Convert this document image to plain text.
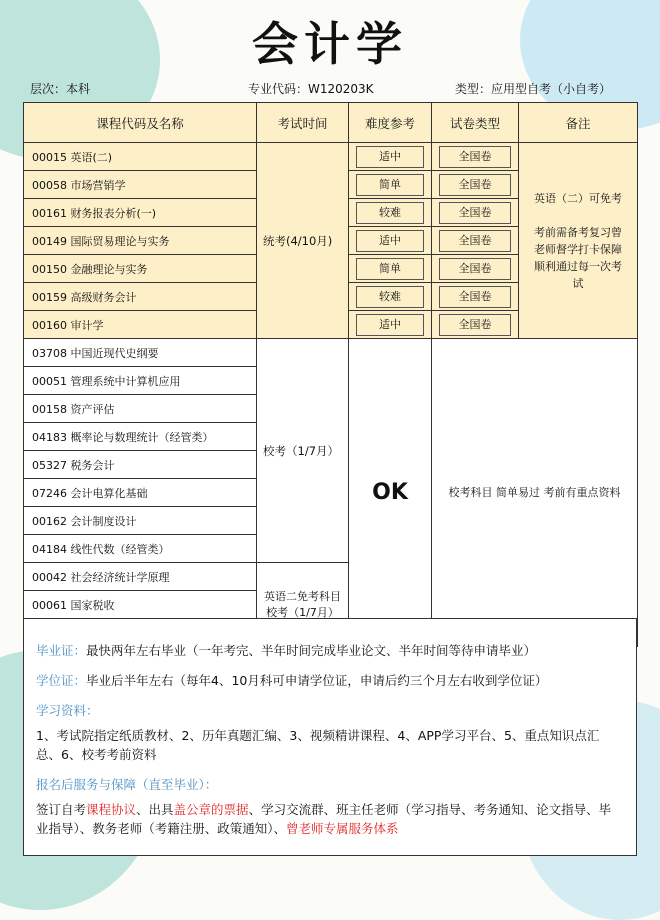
会计学
层次：本科	专业代码：W120203K	类型：应用型自考（小自考）
课程代码及名称	考试时间	难度参考	试卷类型	备注
00015 英语(二)	统考(4/10月)	适中	全国卷	英语（二）可免考
考前需备考复习曾老师督学打卡保障顺利通过每一次考试

00058 市场营销学		简单	全国卷	

00161 财务报表分析(一)		较难	全国卷	

00149 国际贸易理论与实务		适中	全国卷	

00150 金融理论与实务		简单	全国卷	

00159 高级财务会计		较难	全国卷	

00160 审计学		适中	全国卷	

03708 中国近现代史纲要	校考（1/7月）	OK	校考科目 简单易过 考前有重点资料	
00051 管理系统中计算机应用				
00158 资产评估				
04183 概率论与数理统计（经管类）				
05327 税务会计				
07246 会计电算化基础				
00162 会计制度设计				
04184 线性代数（经管类）				
00042 社会经济统计学原理	英语二免考科目 校考（1/7月）			
00061 国家税收				

毕业证：最快两年左右毕业（一年考完、半年时间完成毕业论文、半年时间等待申请毕业）
学位证：毕业后半年左右（每年4、10月科可申请学位证，申请后约三个月左右收到学位证）
学习资料：
1、考试院指定纸质教材、2、历年真题汇编、3、视频精讲课程、4、APP学习平台、5、重点知识点汇总、6、校考考前资料
报名后服务与保障（直至毕业）：
签订自考课程协议、出具盖公章的票据、学习交流群、班主任老师（学习指导、考务通知、论文指导、毕业指导）、教务老师（考籍注册、政策通知）、曾老师专属服务体系
